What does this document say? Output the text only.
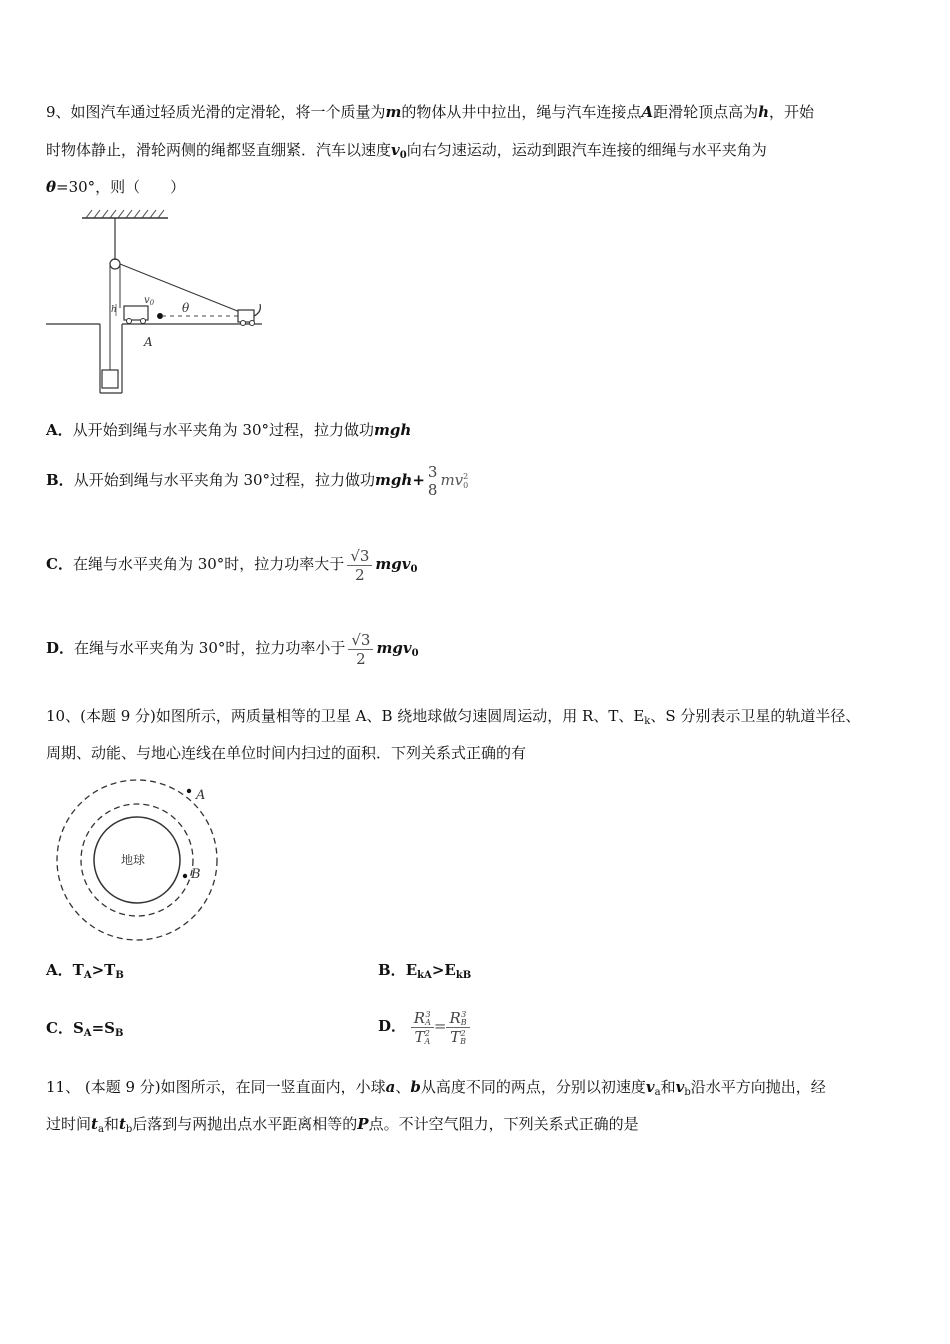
9、如图汽车通过轻质光滑的定滑轮，将一个质量为m的物体从井中拉出，绳与汽车连接点A距滑轮顶点高为h，开始
时物体静止，滑轮两侧的绳都竖直绷紧．汽车以速度$v_0$向右匀速运动，运动到跟汽车连接的细绳与水平夹角为
θ=30°，则（　　）
h
$v_0$ θ
A
A．从开始到绳与水平夹角为 30°过程，拉力做功mgh
B．从开始到绳与水平夹角为 30°过程，拉力做功mgh+ 3
8
mv 2
0
C．在绳与水平夹角为 30°时，拉力功率大于 $\frac{√3}{2} mgv_0$
D．在绳与水平夹角为 30°时，拉力功率小于 $\frac{√3}{2} mgv_0$
10、(本题 9 分)如图所示，两质量相等的卫星 A、B 绕地球做匀速圆周运动，用 R、T、$E_k$、S 分别表示卫星的轨道半径、
周期、动能、与地心连线在单位时间内扫过的面积．下列关系式正确的有
地球
A
B
A．$T_A>T_B$	B．$E_{kA}>E_{kB}$
C．$S_A=S_B$	D． R 3
A
T 2
A = R 3
B
T 2
B
11、 (本题 9 分)如图所示，在同一竖直面内，小球a、b从高度不同的两点，分别以初速度$v_a$和$v_b$沿水平方向抛出，经
过时间$t_a$和$t_b$后落到与两抛出点水平距离相等的P点。不计空气阻力，下列关系式正确的是
